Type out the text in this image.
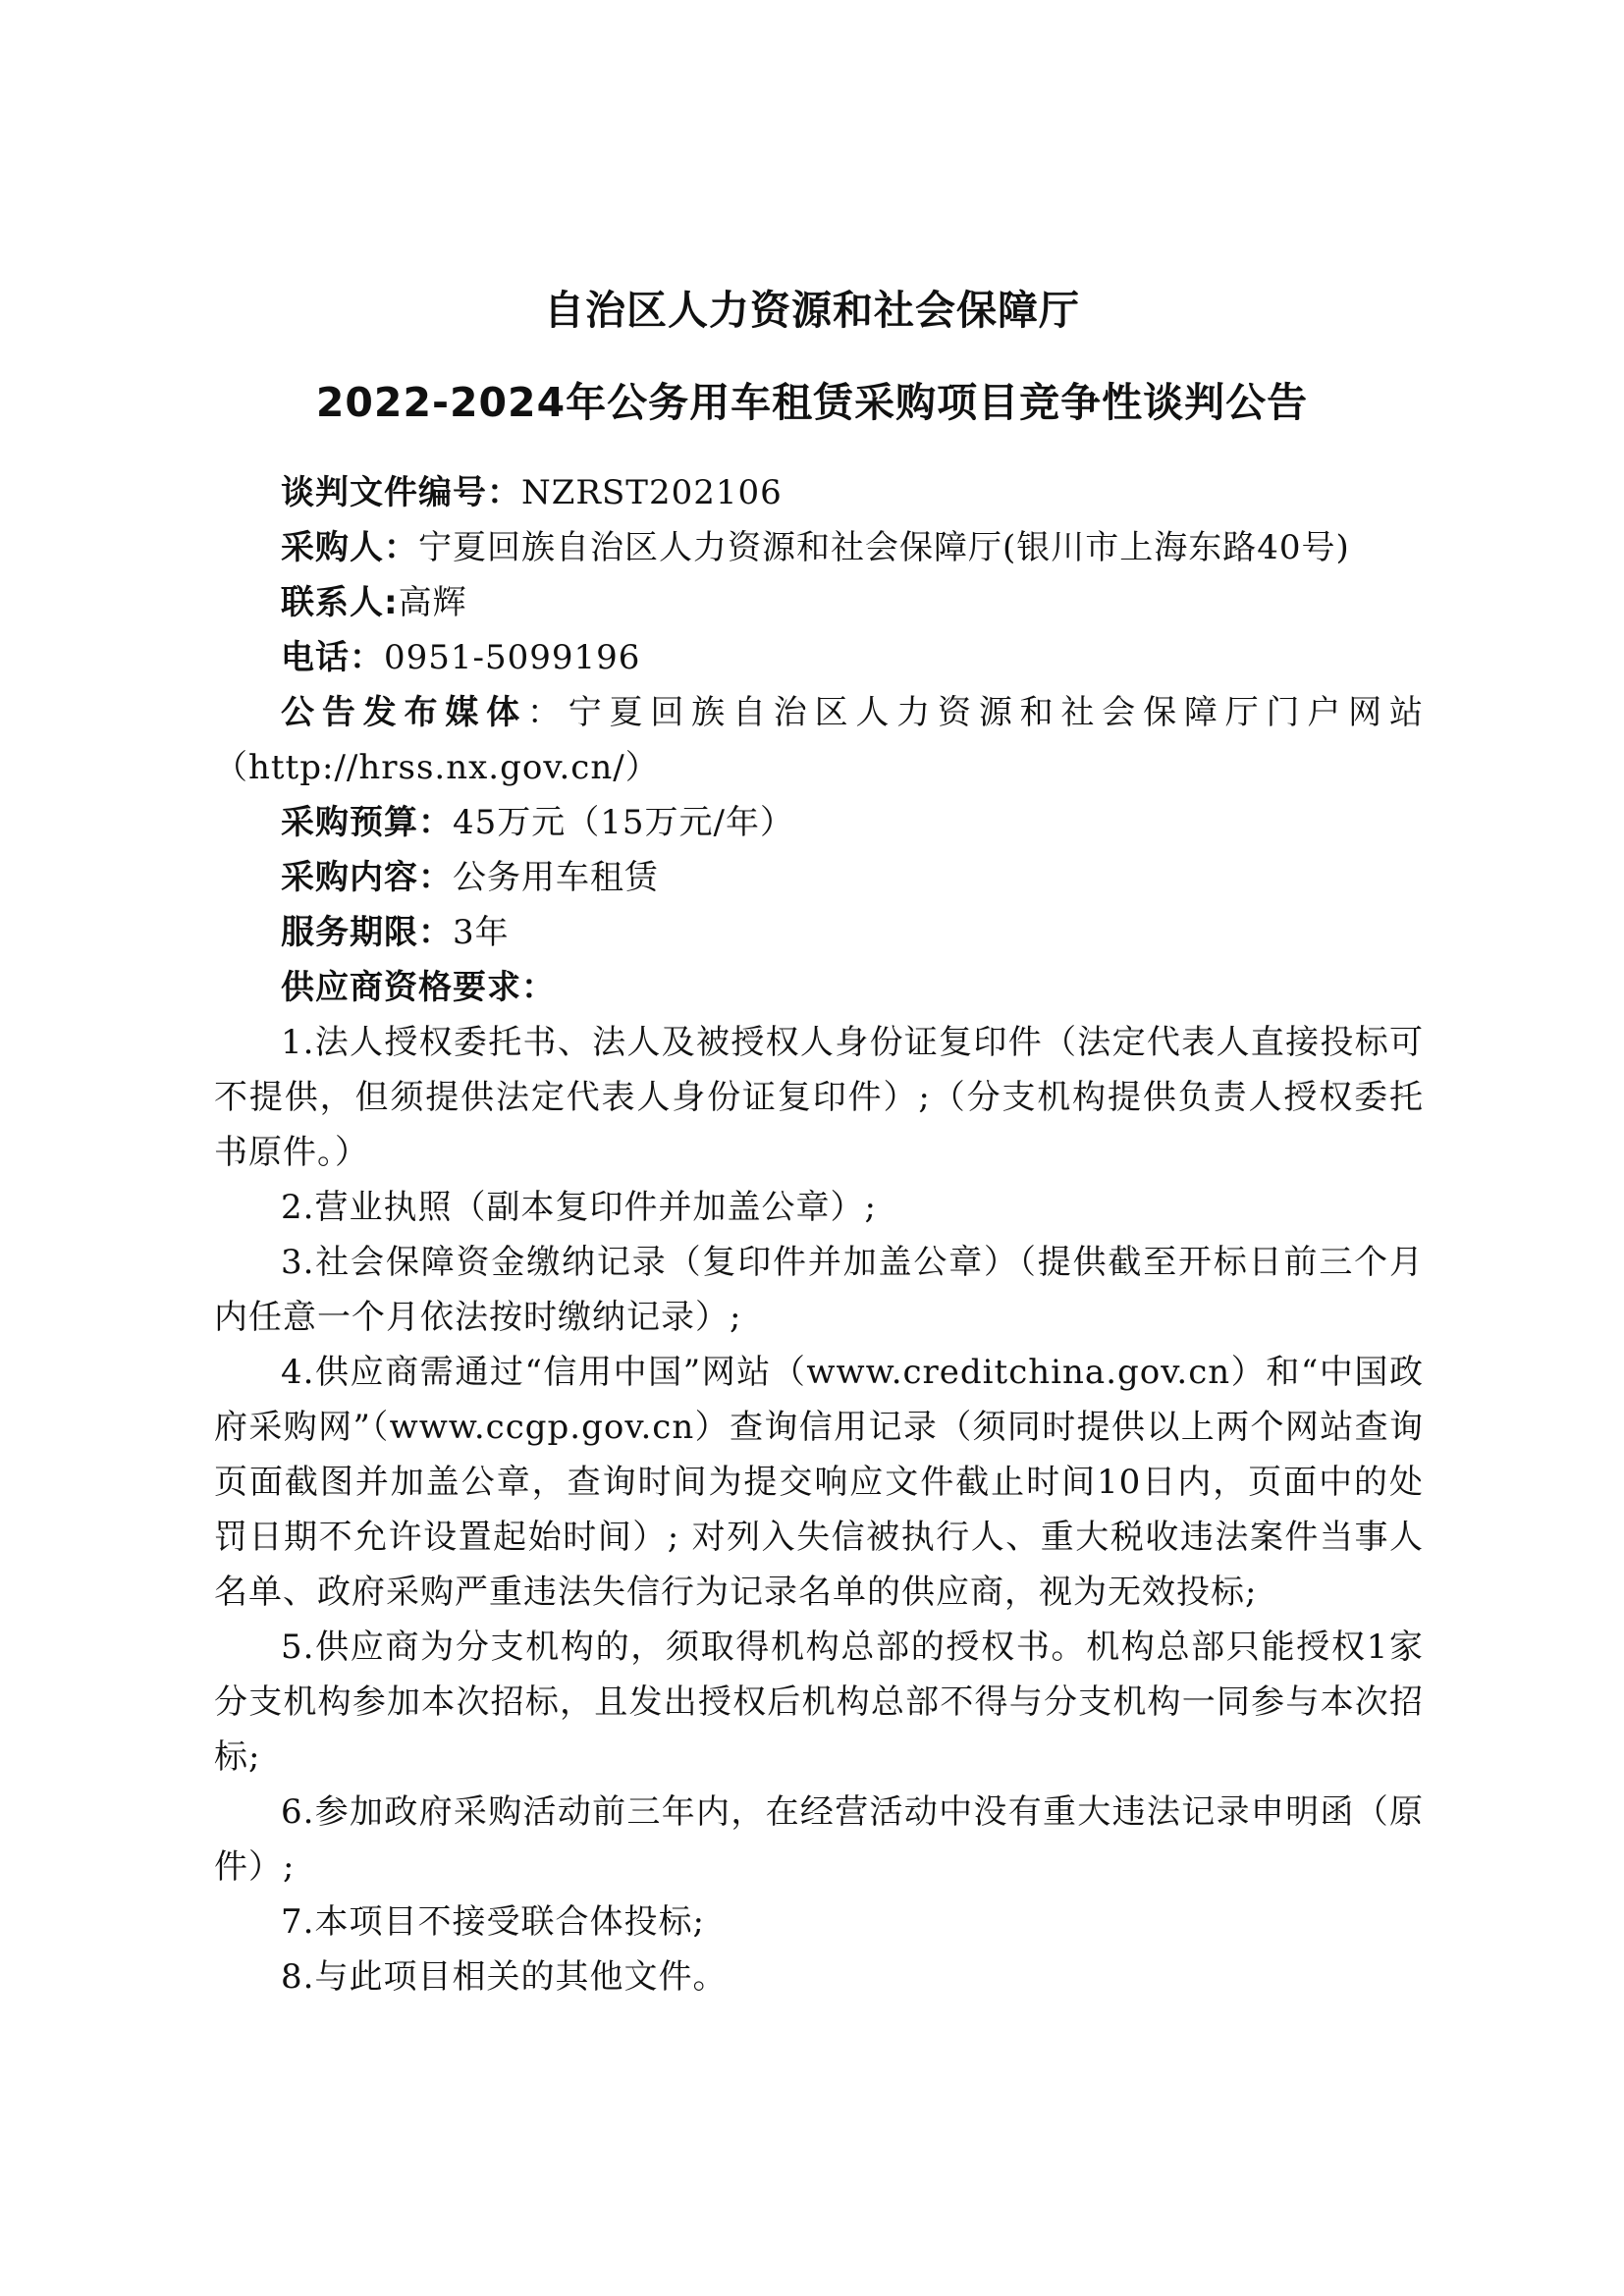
自治区人力资源和社会保障厅
2022-2024年公务用车租赁采购项目竞争性谈判公告

谈判文件编号：NZRST202106

采购人：宁夏回族自治区人力资源和社会保障厅(银川市上海东路40号)

联系人:高辉

电话：0951-5099196

公告发布媒体：宁夏回族自治区人力资源和社会保障厅门户网站（http://hrss.nx.gov.cn/）

采购预算：45万元（15万元/年）

采购内容：公务用车租赁

服务期限：3年

供应商资格要求：

1.法人授权委托书、法人及被授权人身份证复印件（法定代表人直接投标可不提供，但须提供法定代表人身份证复印件）;（分支机构提供负责人授权委托书原件。）

2.营业执照（副本复印件并加盖公章）;

3.社会保障资金缴纳记录（复印件并加盖公章）（提供截至开标日前三个月内任意一个月依法按时缴纳记录）;

4.供应商需通过“信用中国”网站（www.creditchina.gov.cn）和“中国政府采购网”（www.ccgp.gov.cn）查询信用记录（须同时提供以上两个网站查询页面截图并加盖公章，查询时间为提交响应文件截止时间10日内，页面中的处罚日期不允许设置起始时间）; 对列入失信被执行人、重大税收违法案件当事人名单、政府采购严重违法失信行为记录名单的供应商，视为无效投标;

5.供应商为分支机构的，须取得机构总部的授权书。机构总部只能授权1家分支机构参加本次招标，且发出授权后机构总部不得与分支机构一同参与本次招标;

6.参加政府采购活动前三年内，在经营活动中没有重大违法记录申明函（原件）;

7.本项目不接受联合体投标;

8.与此项目相关的其他文件。
